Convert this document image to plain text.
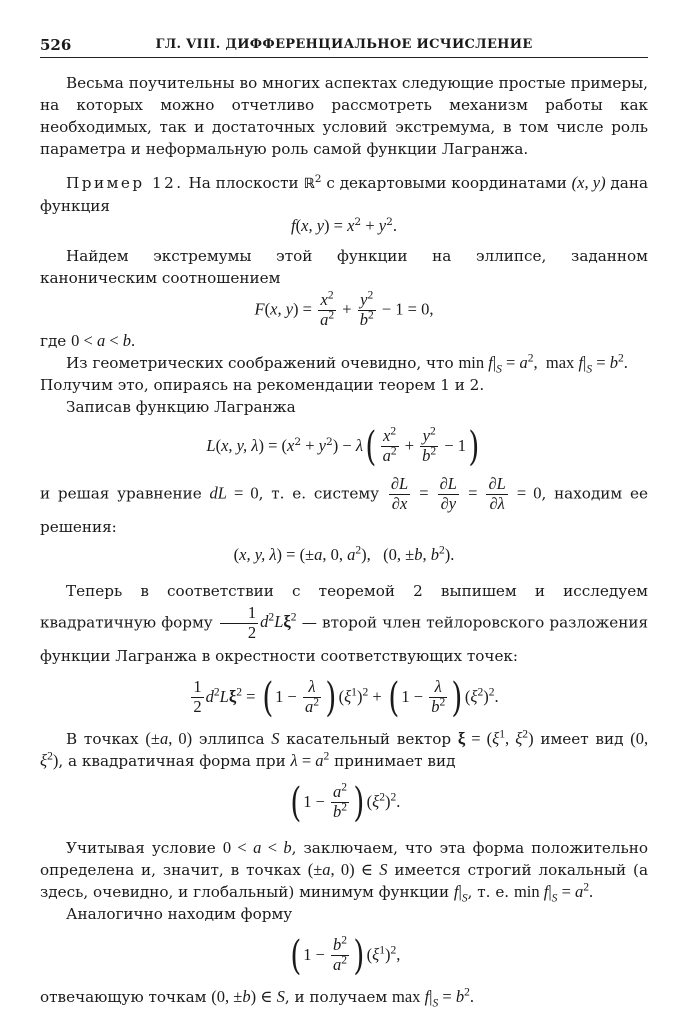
526	ГЛ. VIII. ДИФФЕРЕНЦИАЛЬНОЕ ИСЧИСЛЕНИЕ

Весьма поучительны во многих аспектах следующие простые примеры, на которых можно отчетливо рассмотреть механизм работы как необходимых, так и достаточных условий экстремума, в том числе роль параметра и неформальную роль самой функции Лагранжа.

Пример 12. На плоскости ℝ$^2$ с декартовыми координатами (x, y) дана функция

f(x, $y) = x^2 + y^2$.

Найдем экстремумы этой функции на эллипсе, заданном каноническим соотношением

F(x, $y) = \frac{x^2}{a^2} + \frac{y^2}{b^2} - 1 = 0$,

где 0 < a < b.

Из геометрических соображений очевидно, что $\min f|_S = a^2$,  $\max f|_S = b^2$.

Получим это, опираясь на рекомендации теорем 1 и 2.

Записав функцию Лагранжа

L(x, y, $\lambda) = (x^2 + y^2) - \lambda( \frac{x^2}{a^2} + \frac{y^2}{b^2} - 1)$

и решая уравнение dL = 0, т. е. систему $\frac{\partial L}{\partial x} = \frac{\partial L}{\partial y} = \frac{\partial L}{\partial\lambda} = 0$, находим ее решения:

(x, y, λ) = (±a, 0, $a^2$),   (0, ±b, $b^2$).

Теперь в соответствии с теоремой 2 выпишем и исследуем квадратичную форму $\frac{1}{2} d^2L\xi^2$ — второй член тейлоровского разложения функции Лагранжа в окрестности соответствующих точек:

$\frac{1}{2} d^2L\xi^2$ = ( $1 - \frac{\lambda}{a^2}$ ) $(\xi^1)^2$ + ( $1 - \frac{\lambda}{b^2}$ ) $(\xi^2)^2$.

В точках (±a, 0) эллипса S касательный вектор $\xi = (\xi^1$, $\xi^2$) имеет вид (0, $\xi^2$), а квадратичная форма при $\lambda = a^2$ принимает вид

( $1 - \frac{a^2}{b^2}$ ) $(\xi^2)^2$.

Учитывая условие 0 < a < b, заключаем, что эта форма положительно определена и, значит, в точках (±a, 0) ∈ S имеется строгий локальный (а здесь, очевидно, и глобальный) минимум функции $f|_S$, т. е. $\min f|_S = a^2$.

Аналогично находим форму

( $1 - \frac{b^2}{a^2}$ ) $(\xi^1)^2$,

отвечающую точкам (0, ±b) ∈ S, и получаем $\max f|_S = b^2$.
